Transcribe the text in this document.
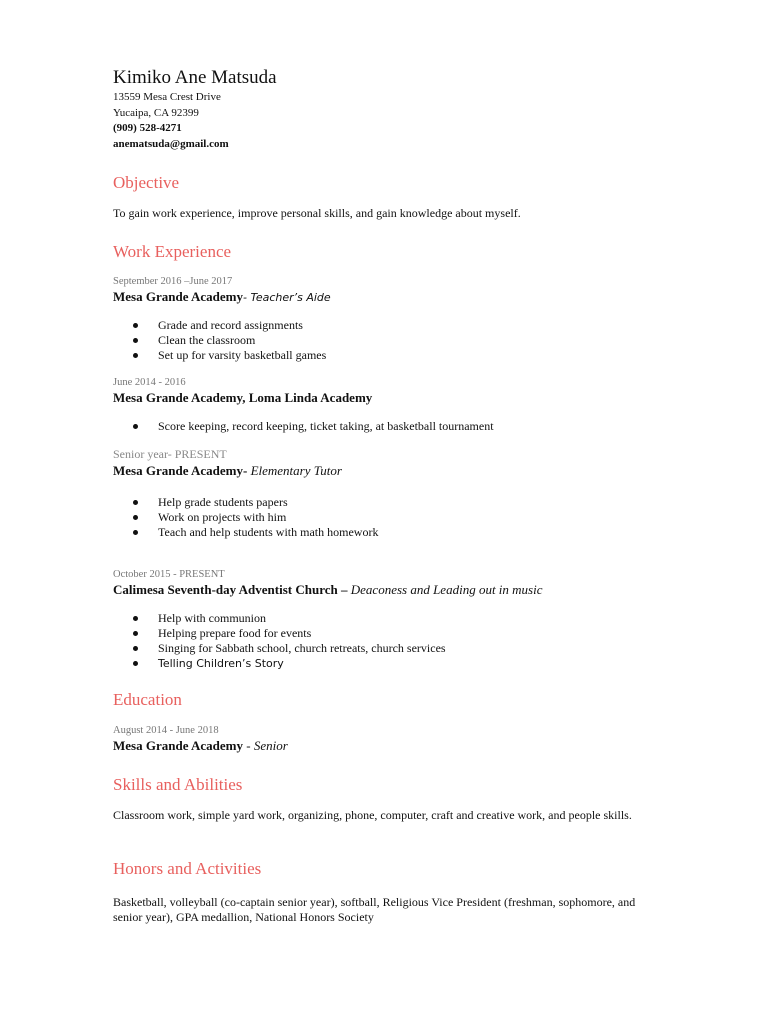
Kimiko Ane Matsuda
13559 Mesa Crest Drive
Yucaipa, CA 92399
(909) 528-4271
anematsuda@gmail.com
Objective
To gain work experience, improve personal skills, and gain knowledge about myself.
Work Experience
September 2016 –June 2017
Mesa Grande Academy- Teacher’s Aide
Grade and record assignments
Clean the classroom
Set up for varsity basketball games
June 2014 - 2016
Mesa Grande Academy, Loma Linda Academy
Score keeping, record keeping, ticket taking, at basketball tournament
Senior year- PRESENT
Mesa Grande Academy- Elementary Tutor
Help grade students papers
Work on projects with him
Teach and help students with math homework
October 2015 - PRESENT
Calimesa Seventh-day Adventist Church – Deaconess and Leading out in music
Help with communion
Helping prepare food for events
Singing for Sabbath school, church retreats, church services
Telling Children’s Story
Education
August 2014 - June 2018
Mesa Grande Academy - Senior
Skills and Abilities
Classroom work, simple yard work, organizing, phone, computer, craft and creative work, and people skills.
Honors and Activities
Basketball, volleyball (co-captain senior year), softball, Religious Vice President (freshman, sophomore, and senior year), GPA medallion, National Honors Society
